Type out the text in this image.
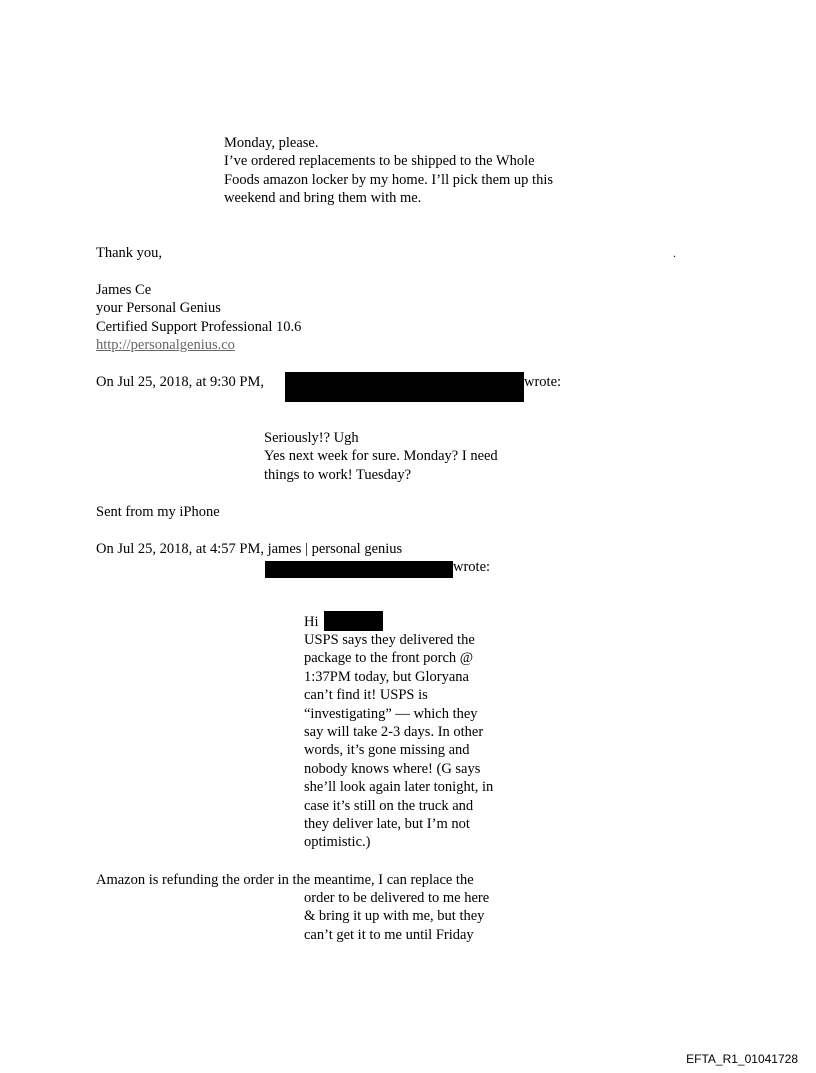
Monday, please.
I’ve ordered replacements to be shipped to the Whole
Foods amazon locker by my home. I’ll pick them up this
weekend and bring them with me.
.
Thank you,
James Ce
your Personal Genius
Certified Support Professional 10.6
http://personalgenius.co
On Jul 25, 2018, at 9:30 PM,	wrote:
Seriously!? Ugh
Yes next week for sure. Monday? I need
things to work! Tuesday?
Sent from my iPhone
On Jul 25, 2018, at 4:57 PM, james | personal genius
wrote:
Hi
USPS says they delivered the
package to the front porch @
1:37PM today, but Gloryana
can’t find it! USPS is
“investigating” — which they
say will take 2-3 days. In other
words, it’s gone missing and
nobody knows where! (G says
she’ll look again later tonight, in
case it’s still on the truck and
they deliver late, but I’m not
optimistic.)
Amazon is refunding the order in the meantime, I can replace the
order to be delivered to me here
& bring it up with me, but they
can’t get it to me until Friday
EFTA_R1_01041728
